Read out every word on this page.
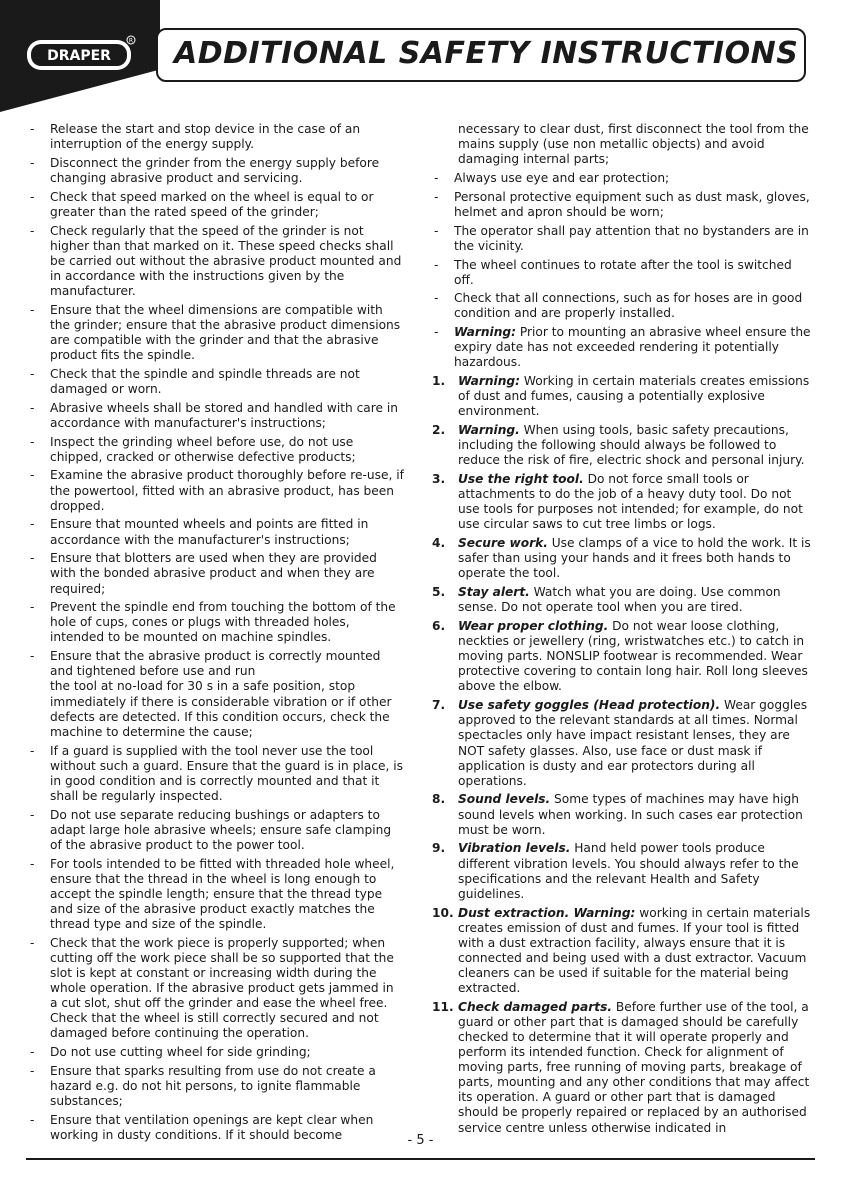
DRAPER
R ADDITIONAL SAFETY INSTRUCTIONS
- Release the start and stop device in the case of an interruption of the energy supply.
- Disconnect the grinder from the energy supply before changing abrasive product and servicing.
- Check that speed marked on the wheel is equal to or greater than the rated speed of the grinder;
- Check regularly that the speed of the grinder is not higher than that marked on it. These speed checks shall be carried out without the abrasive product mounted and in accordance with the instructions given by the manufacturer.
- Ensure that the wheel dimensions are compatible with the grinder; ensure that the abrasive product dimensions are compatible with the grinder and that the abrasive product fits the spindle.
- Check that the spindle and spindle threads are not damaged or worn.
- Abrasive wheels shall be stored and handled with care in accordance with manufacturer's instructions;
- Inspect the grinding wheel before use, do not use chipped, cracked or otherwise defective products;
- Examine the abrasive product thoroughly before re-use, if the powertool, fitted with an abrasive product, has been dropped.
- Ensure that mounted wheels and points are fitted in accordance with the manufacturer's instructions;
- Ensure that blotters are used when they are provided with the bonded abrasive product and when they are required;
- Prevent the spindle end from touching the bottom of the hole of cups, cones or plugs with threaded holes, intended to be mounted on machine spindles.
- Ensure that the abrasive product is correctly mounted and tightened before use and run
the tool at no-load for 30 s in a safe position, stop immediately if there is considerable vibration or if other defects are detected. If this condition occurs, check the machine to determine the cause;
- If a guard is supplied with the tool never use the tool without such a guard. Ensure that the guard is in place, is in good condition and is correctly mounted and that it shall be regularly inspected.
- Do not use separate reducing bushings or adapters to adapt large hole abrasive wheels; ensure safe clamping of the abrasive product to the power tool.
- For tools intended to be fitted with threaded hole wheel, ensure that the thread in the wheel is long enough to accept the spindle length; ensure that the thread type and size of the abrasive product exactly matches the thread type and size of the spindle.
- Check that the work piece is properly supported; when cutting off the work piece shall be so supported that the slot is kept at constant or increasing width during the whole operation. If the abrasive product gets jammed in a cut slot, shut off the grinder and ease the wheel free. Check that the wheel is still correctly secured and not damaged before continuing the operation.
- Do not use cutting wheel for side grinding;
- Ensure that sparks resulting from use do not create a hazard e.g. do not hit persons, to ignite flammable substances;
- Ensure that ventilation openings are kept clear when working in dusty conditions. If it should become
necessary to clear dust, first disconnect the tool from the mains supply (use non metallic objects) and avoid damaging internal parts;
- Always use eye and ear protection;
- Personal protective equipment such as dust mask, gloves, helmet and apron should be worn;
- The operator shall pay attention that no bystanders are in the vicinity.
- The wheel continues to rotate after the tool is switched off.
- Check that all connections, such as for hoses are in good condition and are properly installed.
- Warning: Prior to mounting an abrasive wheel ensure the expiry date has not exceeded rendering it potentially hazardous.
1. Warning: Working in certain materials creates emissions of dust and fumes, causing a potentially explosive environment.
2. Warning. When using tools, basic safety precautions, including the following should always be followed to reduce the risk of fire, electric shock and personal injury.
3. Use the right tool. Do not force small tools or attachments to do the job of a heavy duty tool. Do not use tools for purposes not intended; for example, do not use circular saws to cut tree limbs or logs.
4. Secure work. Use clamps of a vice to hold the work. It is safer than using your hands and it frees both hands to operate the tool.
5. Stay alert. Watch what you are doing. Use common sense. Do not operate tool when you are tired.
6. Wear proper clothing. Do not wear loose clothing, neckties or jewellery (ring, wristwatches etc.) to catch in moving parts. NONSLIP footwear is recommended. Wear protective covering to contain long hair. Roll long sleeves above the elbow.
7. Use safety goggles (Head protection). Wear goggles approved to the relevant standards at all times. Normal spectacles only have impact resistant lenses, they are NOT safety glasses. Also, use face or dust mask if application is dusty and ear protectors during all operations.
8. Sound levels. Some types of machines may have high sound levels when working. In such cases ear protection must be worn.
9. Vibration levels. Hand held power tools produce different vibration levels. You should always refer to the specifications and the relevant Health and Safety guidelines.
10. Dust extraction. Warning: working in certain materials creates emission of dust and fumes. If your tool is fitted with a dust extraction facility, always ensure that it is connected and being used with a dust extractor. Vacuum cleaners can be used if suitable for the material being extracted.
11. Check damaged parts. Before further use of the tool, a guard or other part that is damaged should be carefully checked to determine that it will operate properly and perform its intended function. Check for alignment of moving parts, free running of moving parts, breakage of parts, mounting and any other conditions that may affect its operation. A guard or other part that is damaged should be properly repaired or replaced by an authorised service centre unless otherwise indicated in
- 5 -
